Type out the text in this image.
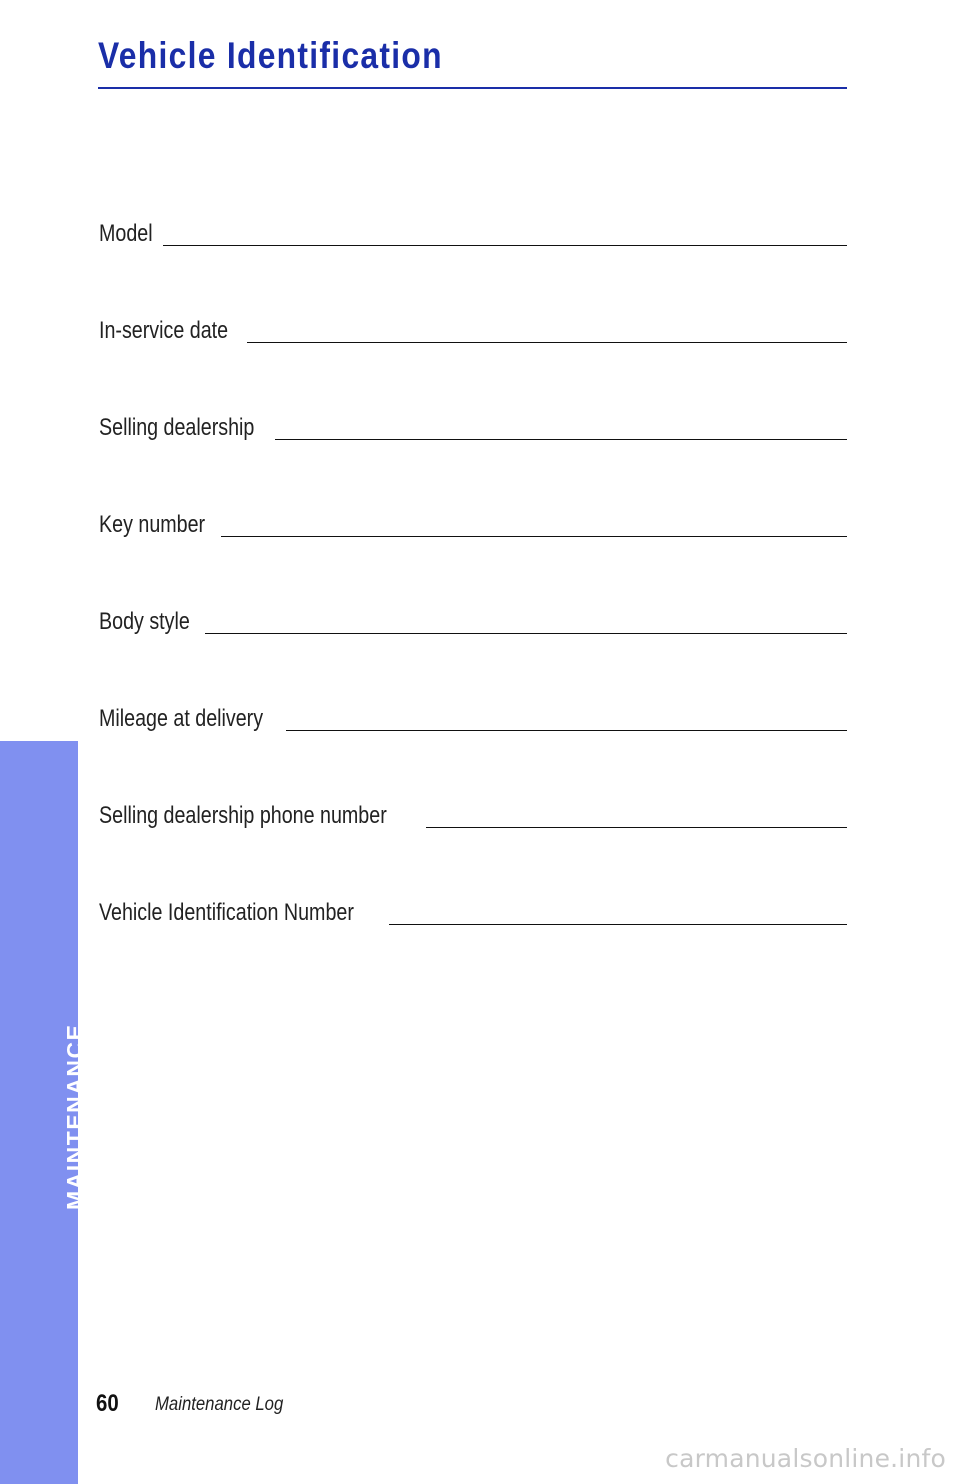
MAINTENANCE
Vehicle Identification
Model
In-service date
Selling dealership
Key number
Body style
Mileage at delivery
Selling dealership phone number
Vehicle Identification Number
60 Maintenance Log
carmanualsonline.info
